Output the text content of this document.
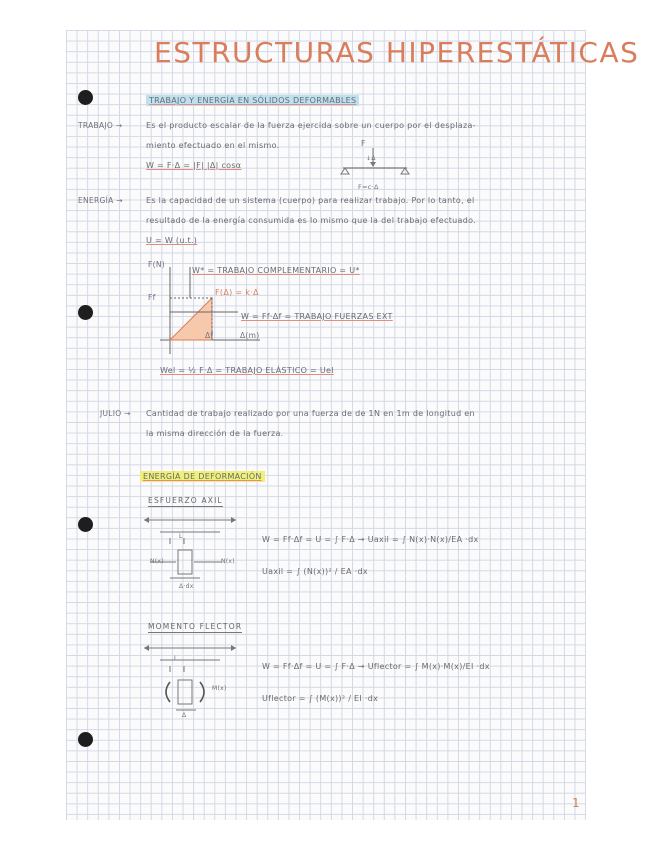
ESTRUCTURAS HIPERESTÁTICAS
TRABAJO Y ENERGÍA EN SÓLIDOS DEFORMABLES
TRABAJO →	Es el producto escalar de la fuerza ejercida sobre un cuerpo por el desplaza-
miento efectuado en el mismo.
W = F·Δ = |F| |Δ| cosα
F
↓Δ
F=c·Δ
ENERGÍA →	Es la capacidad de un sistema (cuerpo) para realizar trabajo. Por lo tanto, el
resultado de la energía consumida es lo mismo que la del trabajo efectuado.
U = W (u.t.)
F(N)
Ff
Δf	Δ(m)
W* = TRABAJO COMPLEMENTARIO = U*
F(Δ) = k·Δ
W = Ff·Δf = TRABAJO FUERZAS EXT
Wel = ½ F·Δ = TRABAJO ELÁSTICO = Uel
JULIO → Cantidad de trabajo realizado por una fuerza de de 1N en 1m de longitud en
la misma dirección de la fuerza.
ENERGÍA DE DEFORMACIÓN
ESFUERZO AXIL
L
N(x)	N(x)
Δ·dx
W = Ff·Δf = U = ∫ F·Δ → Uaxil = ∫ N(x)·N(x)/EA ·dx
Uaxil = ∫ (N(x))² / EA ·dx
MOMENTO FLECTOR
M(x)
L
Δ
W = Ff·Δf = U = ∫ F·Δ → Uflector = ∫ M(x)·M(x)/EI ·dx
Uflector = ∫ (M(x))² / EI ·dx
1
